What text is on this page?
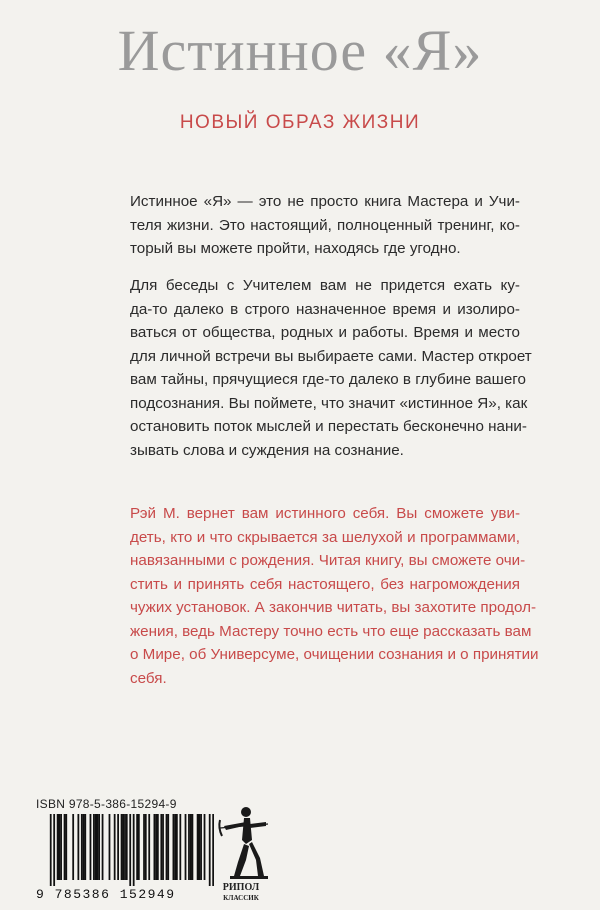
Истинное «Я»
НОВЫЙ ОБРАЗ ЖИЗНИ
Истинное «Я» — это не просто книга Мастера и Учи-
теля жизни. Это настоящий, полноценный тренинг, ко-
торый вы можете пройти, находясь где угодно.
Для беседы с Учителем вам не придется ехать ку-
да-то далеко в строго назначенное время и изолиро-
ваться от общества, родных и работы. Время и место
для личной встречи вы выбираете сами. Мастер откроет
вам тайны, прячущиеся где-то далеко в глубине вашего
подсознания. Вы поймете, что значит «истинное Я», как
остановить поток мыслей и перестать бесконечно нани-
зывать слова и суждения на сознание.
Рэй М. вернет вам истинного себя. Вы сможете уви-
деть, кто и что скрывается за шелухой и программами,
навязанными с рождения. Читая книгу, вы сможете очи-
стить и принять себя настоящего, без нагромождения
чужих установок. А закончив читать, вы захотите продол-
жения, ведь Мастеру точно есть что еще рассказать вам
о Мире, об Универсуме, очищении сознания и о принятии
себя.
ISBN 978-5-386-15294-9
9 785386 152949	РИПОЛ
КЛАССИК
